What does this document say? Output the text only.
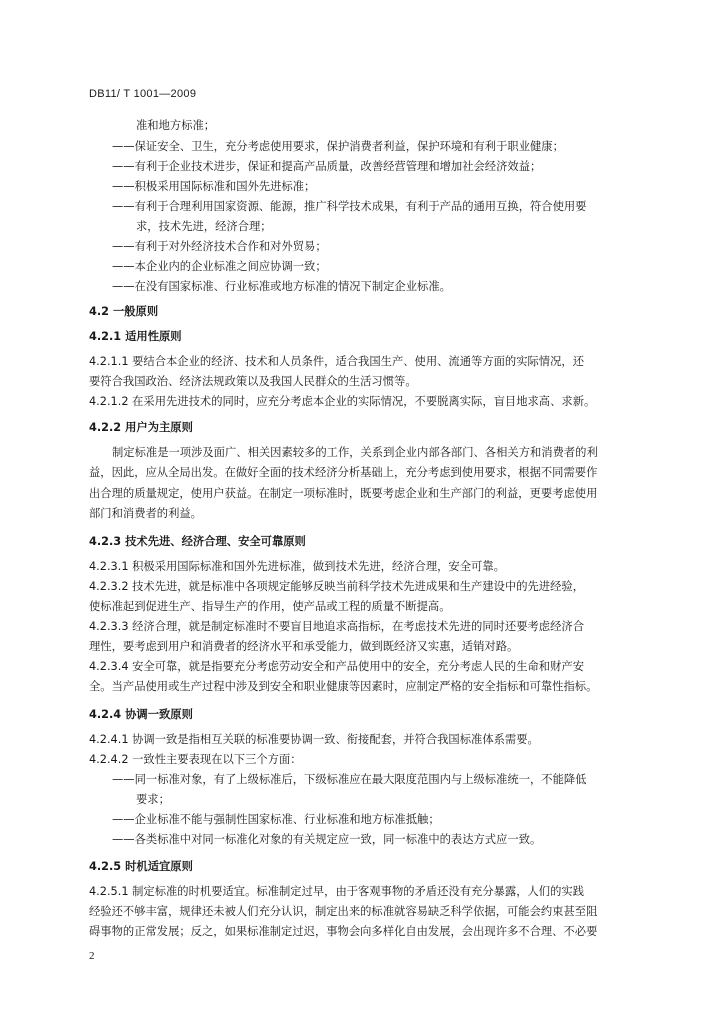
DB11/ T 1001—2009
准和地方标准；
——保证安全、卫生，充分考虑使用要求，保护消费者利益，保护环境和有利于职业健康；
——有利于企业技术进步，保证和提高产品质量，改善经营管理和增加社会经济效益；
——积极采用国际标准和国外先进标准；
——有利于合理利用国家资源、能源，推广科学技术成果，有利于产品的通用互换，符合使用要
求，技术先进，经济合理；
——有利于对外经济技术合作和对外贸易；
——本企业内的企业标准之间应协调一致；
——在没有国家标准、行业标准或地方标准的情况下制定企业标准。
4.2 一般原则
4.2.1 适用性原则
4.2.1.1 要结合本企业的经济、技术和人员条件，适合我国生产、使用、流通等方面的实际情况，还
要符合我国政治、经济法规政策以及我国人民群众的生活习惯等。
4.2.1.2 在采用先进技术的同时，应充分考虑本企业的实际情况，不要脱离实际，盲目地求高、求新。
4.2.2 用户为主原则
制定标准是一项涉及面广、相关因素较多的工作，关系到企业内部各部门、各相关方和消费者的利
益，因此，应从全局出发。在做好全面的技术经济分析基础上，充分考虑到使用要求，根据不同需要作
出合理的质量规定，使用户获益。在制定一项标准时，既要考虑企业和生产部门的利益，更要考虑使用
部门和消费者的利益。
4.2.3 技术先进、经济合理、安全可靠原则
4.2.3.1 积极采用国际标准和国外先进标准，做到技术先进，经济合理，安全可靠。
4.2.3.2 技术先进，就是标准中各项规定能够反映当前科学技术先进成果和生产建设中的先进经验，
使标准起到促进生产、指导生产的作用，使产品或工程的质量不断提高。
4.2.3.3 经济合理，就是制定标准时不要盲目地追求高指标，在考虑技术先进的同时还要考虑经济合
理性，要考虑到用户和消费者的经济水平和承受能力，做到既经济又实惠，适销对路。
4.2.3.4 安全可靠，就是指要充分考虑劳动安全和产品使用中的安全，充分考虑人民的生命和财产安
全。当产品使用或生产过程中涉及到安全和职业健康等因素时，应制定严格的安全指标和可靠性指标。
4.2.4 协调一致原则
4.2.4.1 协调一致是指相互关联的标准要协调一致、衔接配套，并符合我国标准体系需要。
4.2.4.2 一致性主要表现在以下三个方面：
——同一标准对象，有了上级标准后，下级标准应在最大限度范围内与上级标准统一，不能降低
要求；
——企业标准不能与强制性国家标准、行业标准和地方标准抵触；
——各类标准中对同一标准化对象的有关规定应一致，同一标准中的表达方式应一致。
4.2.5 时机适宜原则
4.2.5.1 制定标准的时机要适宜。标准制定过早，由于客观事物的矛盾还没有充分暴露，人们的实践
经验还不够丰富，规律还未被人们充分认识，制定出来的标准就容易缺乏科学依据，可能会约束甚至阻
碍事物的正常发展；反之，如果标准制定过迟，事物会向多样化自由发展，会出现许多不合理、不必要
2
